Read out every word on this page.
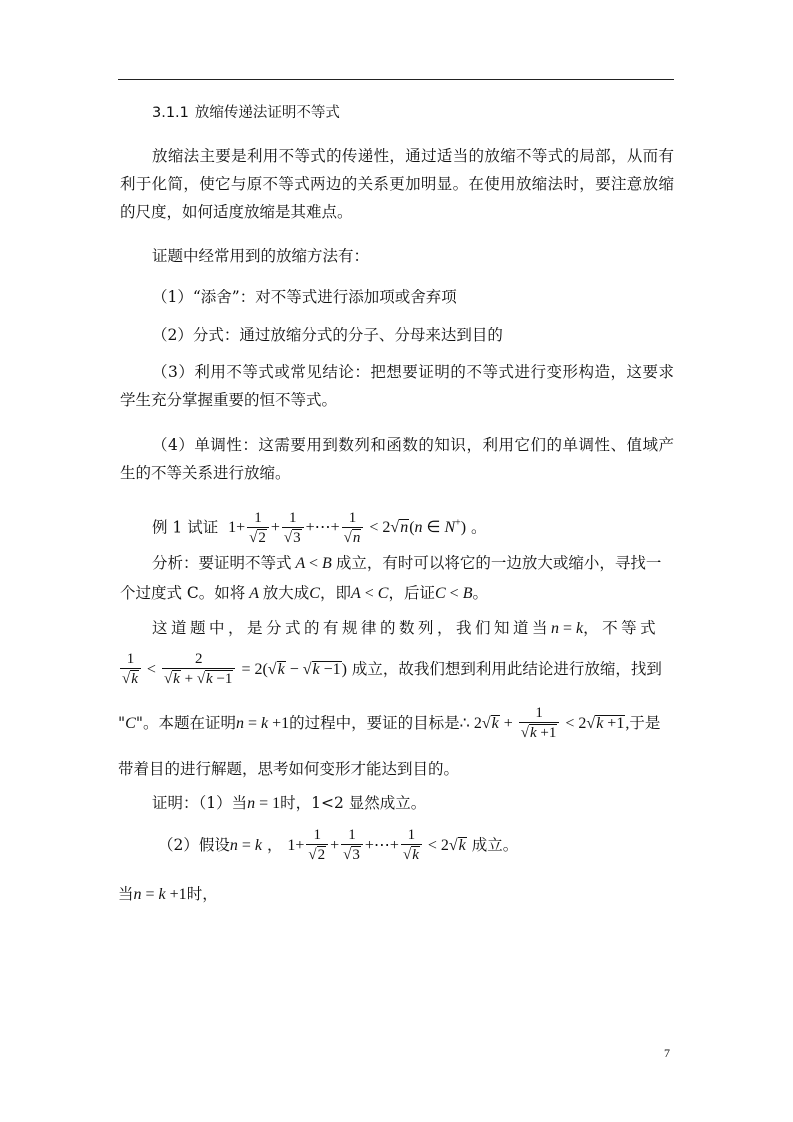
3.1.1 放缩传递法证明不等式
放缩法主要是利用不等式的传递性，通过适当的放缩不等式的局部，从而有
利于化简，使它与原不等式两边的关系更加明显。在使用放缩法时，要注意放缩
的尺度，如何适度放缩是其难点。
证题中经常用到的放缩方法有：
（1）“添舍”：对不等式进行添加项或舍弃项
（2）分式：通过放缩分式的分子、分母来达到目的
（3）利用不等式或常见结论：把想要证明的不等式进行变形构造，这要求
学生充分掌握重要的恒不等式。
（4）单调性：这需要用到数列和函数的知识，利用它们的单调性、值域产
生的不等关系进行放缩。
例 1 试证 $1+ \frac{1}{√2} + \frac{1}{√3}$ +⋯+ $\frac{1}{√n} < 2√n(n$ ∈ N+) 。
分析：要证明不等式 A < B 成立，有时可以将它的一边放大或缩小，寻找一
个过度式 C。如将 A 放大成C，即A < C，后证C < B。
这道题中，是分式的有规律的数列，我们知道当n = k，不等式
$\frac{1}{√k} < \frac{2}{√k + √k -1} = 2(√k - √k -1)$ 成立，故我们想到利用此结论进行放缩，找到
"C"。本题在证明n = k +1的过程中，要证的目标是∴ $2√k + \frac{1}{√k +1} < 2√k +1$,于是
带着目的进行解题，思考如何变形才能达到目的。
证明：（1）当n = 1时，1<2 显然成立。
（2）假设n = k ， $1+ \frac{1}{√2} + \frac{1}{√3}$ +⋯+ $\frac{1}{√k} < 2√k$ 成立。
当n = k +1时，
7
